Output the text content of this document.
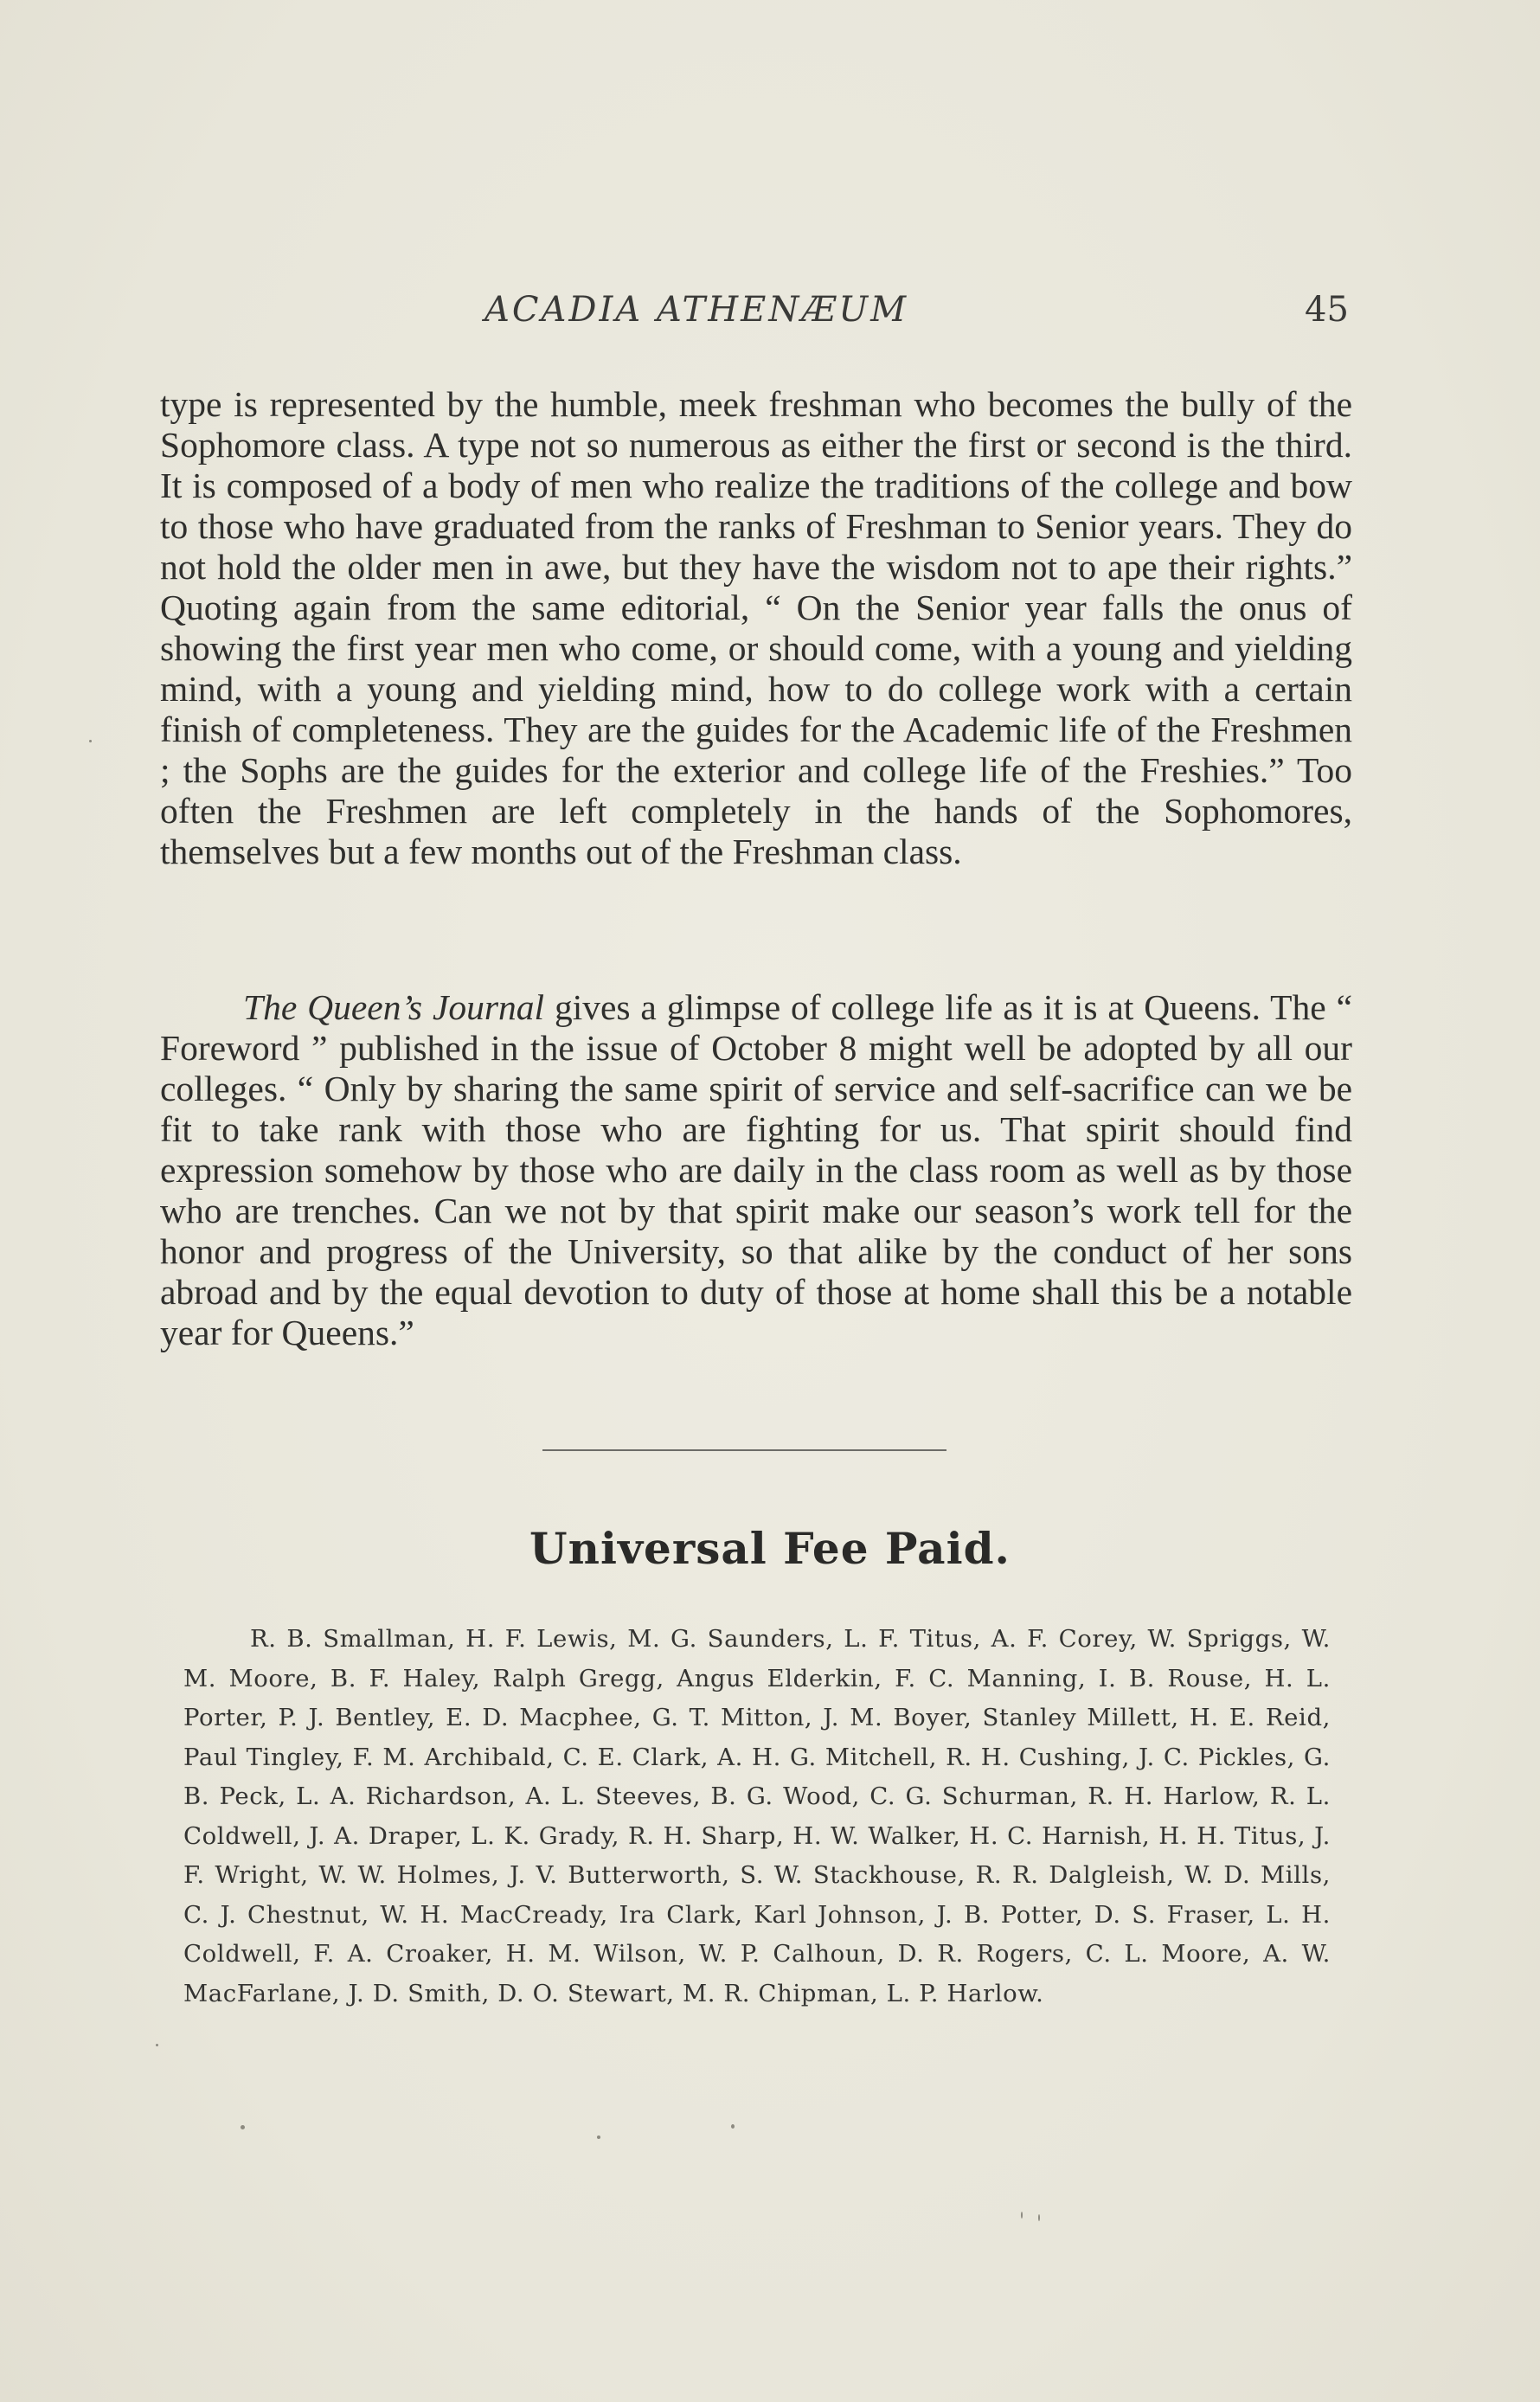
ACADIA ATHENÆUM	45

type is represented by the humble, meek freshman who becomes the bully of the Sophomore class. A type not so numerous as either the first or second is the third. It is composed of a body of men who realize the traditions of the college and bow to those who have graduated from the ranks of Freshman to Senior years. They do not hold the older men in awe, but they have the wisdom not to ape their rights.” Quoting again from the same editorial, “ On the Senior year falls the onus of showing the first year men who come, or should come, with a young and yielding mind, with a young and yielding mind, how to do college work with a certain finish of completeness. They are the guides for the Academic life of the Freshmen ; the Sophs are the guides for the exterior and college life of the Freshies.” Too often the Freshmen are left completely in the hands of the Sophomores, themselves but a few months out of the Freshman class.

The Queen’s Journal gives a glimpse of college life as it is at Queens. The “ Foreword ” published in the issue of October 8 might well be adopted by all our colleges. “ Only by sharing the same spirit of service and self-sacrifice can we be fit to take rank with those who are fighting for us. That spirit should find expression somehow by those who are daily in the class room as well as by those who are trenches. Can we not by that spirit make our season’s work tell for the honor and progress of the University, so that alike by the conduct of her sons abroad and by the equal devotion to duty of those at home shall this be a notable year for Queens.”

Universal Fee Paid.

R. B. Smallman, H. F. Lewis, M. G. Saunders, L. F. Titus, A. F. Corey, W. Spriggs, W. M. Moore, B. F. Haley, Ralph Gregg, Angus Elderkin, F. C. Manning, I. B. Rouse, H. L. Porter, P. J. Bentley, E. D. Macphee, G. T. Mitton, J. M. Boyer, Stanley Millett, H. E. Reid, Paul Tingley, F. M. Archibald, C. E. Clark, A. H. G. Mitchell, R. H. Cushing, J. C. Pickles, G. B. Peck, L. A. Richardson, A. L. Steeves, B. G. Wood, C. G. Schurman, R. H. Harlow, R. L. Coldwell, J. A. Draper, L. K. Grady, R. H. Sharp, H. W. Walker, H. C. Harnish, H. H. Titus, J. F. Wright, W. W. Holmes, J. V. Butterworth, S. W. Stackhouse, R. R. Dalgleish, W. D. Mills, C. J. Chestnut, W. H. MacCready, Ira Clark, Karl Johnson, J. B. Potter, D. S. Fraser, L. H. Coldwell, F. A. Croaker, H. M. Wilson, W. P. Calhoun, D. R. Rogers, C. L. Moore, A. W. MacFarlane, J. D. Smith, D. O. Stewart, M. R. Chipman, L. P. Harlow.
